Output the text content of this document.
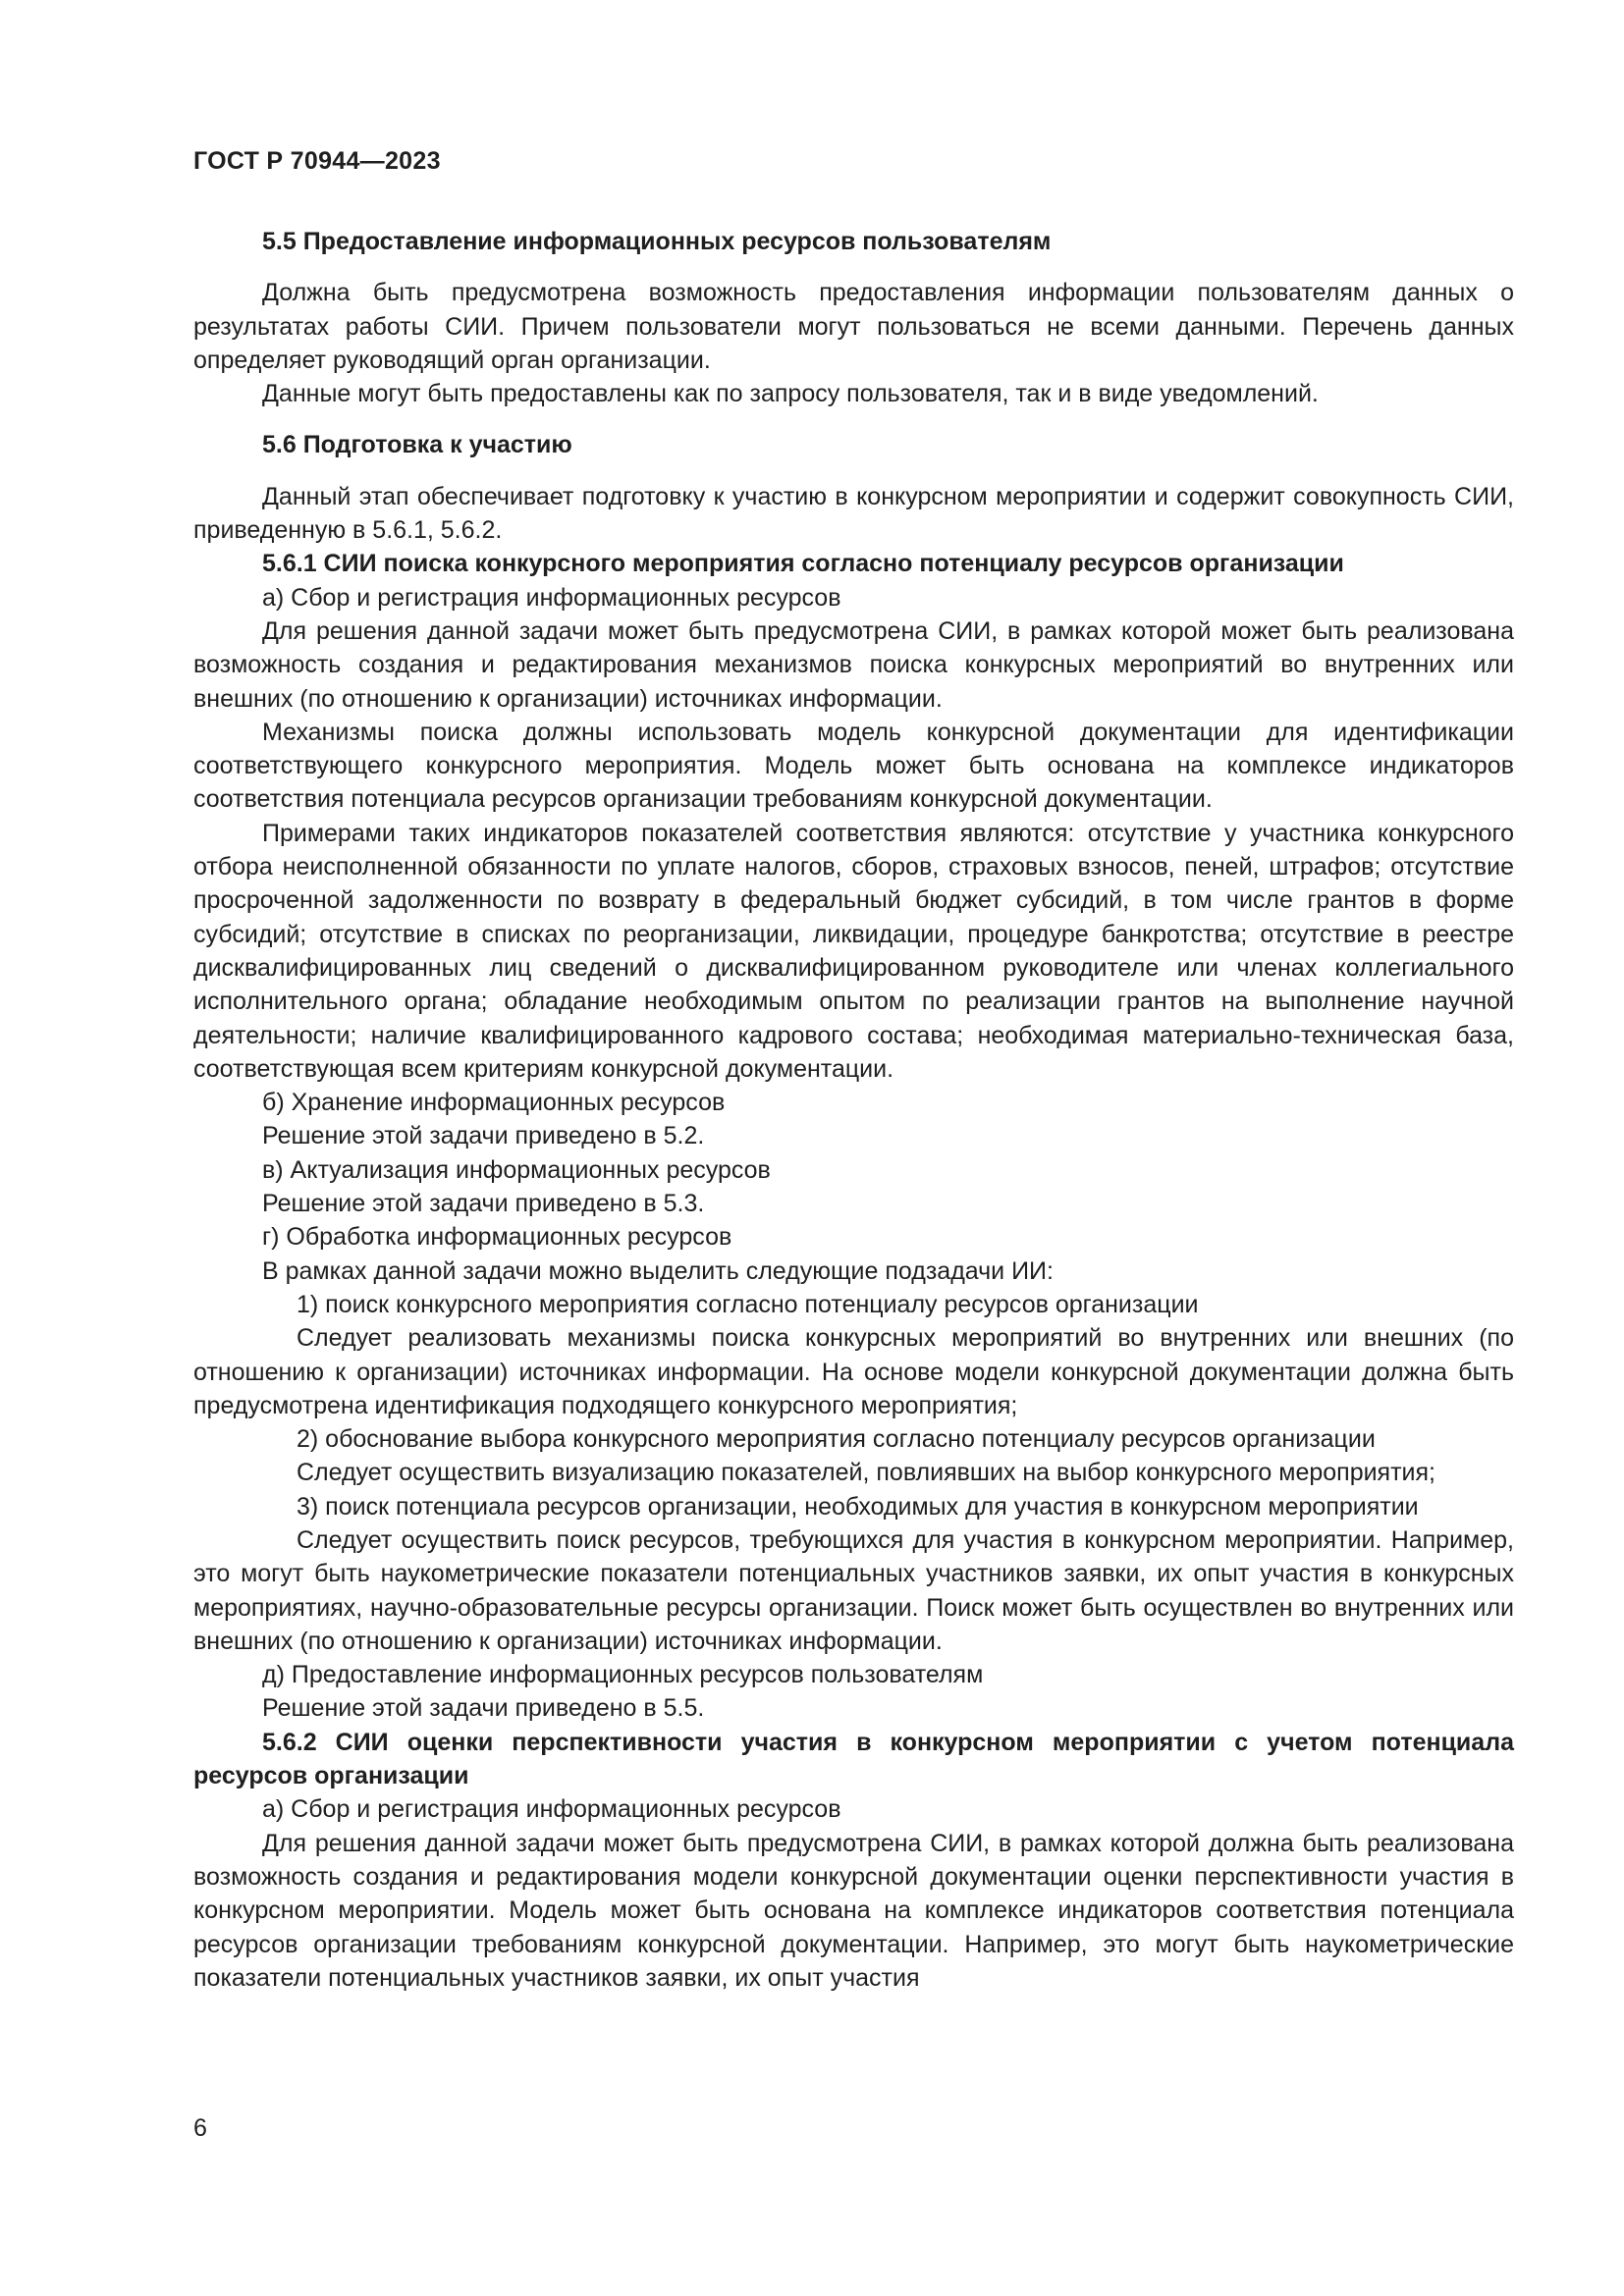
ГОСТ Р 70944—2023

5.5 Предоставление информационных ресурсов пользователям

Должна быть предусмотрена возможность предоставления информации пользователям данных о результатах работы СИИ. Причем пользователи могут пользоваться не всеми данными. Перечень данных определяет руководящий орган организации.

Данные могут быть предоставлены как по запросу пользователя, так и в виде уведомлений.

5.6 Подготовка к участию

Данный этап обеспечивает подготовку к участию в конкурсном мероприятии и содержит совокупность СИИ, приведенную в 5.6.1, 5.6.2.

5.6.1 СИИ поиска конкурсного мероприятия согласно потенциалу ресурсов организации

а) Сбор и регистрация информационных ресурсов

Для решения данной задачи может быть предусмотрена СИИ, в рамках которой может быть реализована возможность создания и редактирования механизмов поиска конкурсных мероприятий во внутренних или внешних (по отношению к организации) источниках информации.

Механизмы поиска должны использовать модель конкурсной документации для идентификации соответствующего конкурсного мероприятия. Модель может быть основана на комплексе индикаторов соответствия потенциала ресурсов организации требованиям конкурсной документации.

Примерами таких индикаторов показателей соответствия являются: отсутствие у участника конкурсного отбора неисполненной обязанности по уплате налогов, сборов, страховых взносов, пеней, штрафов; отсутствие просроченной задолженности по возврату в федеральный бюджет субсидий, в том числе грантов в форме субсидий; отсутствие в списках по реорганизации, ликвидации, процедуре банкротства; отсутствие в реестре дисквалифицированных лиц сведений о дисквалифицированном руководителе или членах коллегиального исполнительного органа; обладание необходимым опытом по реализации грантов на выполнение научной деятельности; наличие квалифицированного кадрового состава; необходимая материально-техническая база, соответствующая всем критериям конкурсной документации.

б) Хранение информационных ресурсов

Решение этой задачи приведено в 5.2.

в) Актуализация информационных ресурсов

Решение этой задачи приведено в 5.3.

г) Обработка информационных ресурсов

В рамках данной задачи можно выделить следующие подзадачи ИИ:

1) поиск конкурсного мероприятия согласно потенциалу ресурсов организации

Следует реализовать механизмы поиска конкурсных мероприятий во внутренних или внешних (по отношению к организации) источниках информации. На основе модели конкурсной документации должна быть предусмотрена идентификация подходящего конкурсного мероприятия;

2) обоснование выбора конкурсного мероприятия согласно потенциалу ресурсов организации

Следует осуществить визуализацию показателей, повлиявших на выбор конкурсного мероприятия;

3) поиск потенциала ресурсов организации, необходимых для участия в конкурсном мероприятии

Следует осуществить поиск ресурсов, требующихся для участия в конкурсном мероприятии. Например, это могут быть наукометрические показатели потенциальных участников заявки, их опыт участия в конкурсных мероприятиях, научно-образовательные ресурсы организации. Поиск может быть осуществлен во внутренних или внешних (по отношению к организации) источниках информации.

д) Предоставление информационных ресурсов пользователям

Решение этой задачи приведено в 5.5.

5.6.2 СИИ оценки перспективности участия в конкурсном мероприятии с учетом потенциала ресурсов организации

а) Сбор и регистрация информационных ресурсов

Для решения данной задачи может быть предусмотрена СИИ, в рамках которой должна быть реализована возможность создания и редактирования модели конкурсной документации оценки перспективности участия в конкурсном мероприятии. Модель может быть основана на комплексе индикаторов соответствия потенциала ресурсов организации требованиям конкурсной документации. Например, это могут быть наукометрические показатели потенциальных участников заявки, их опыт участия

6
